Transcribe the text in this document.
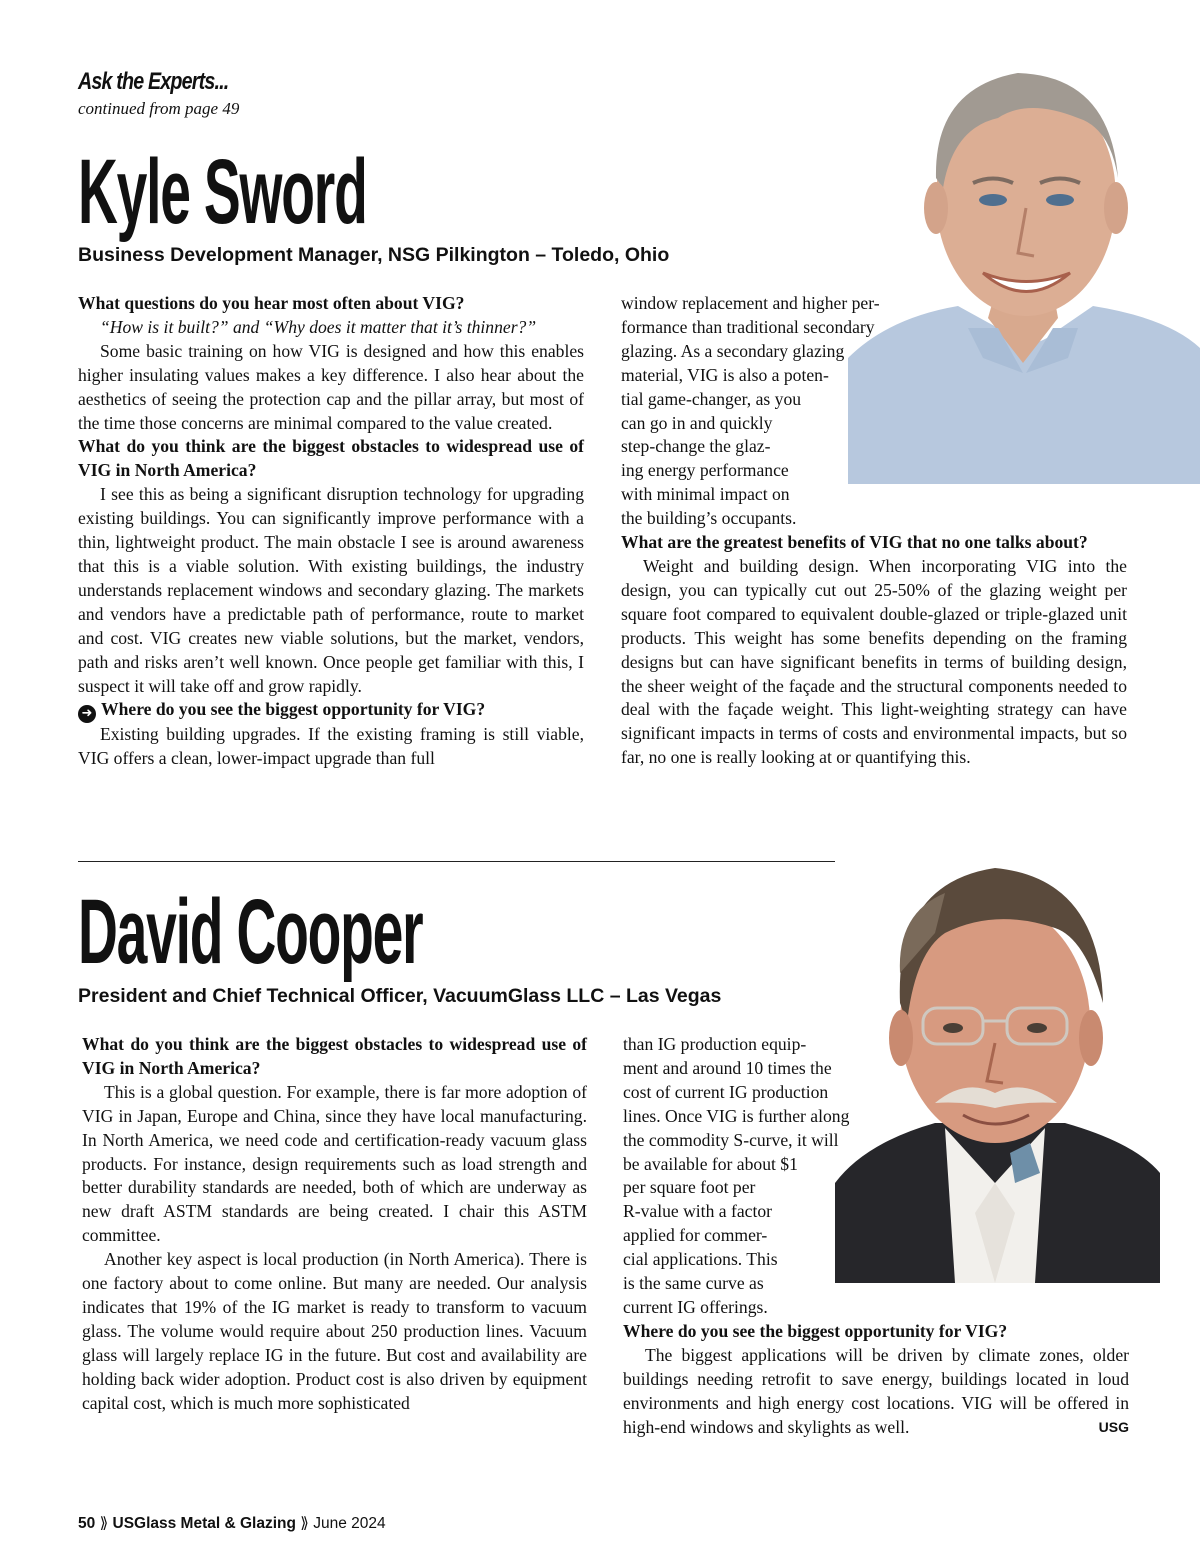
Ask the Experts...
continued from page 49
Kyle Sword
Business Development Manager, NSG Pilkington – Toledo, Ohio

What questions do you hear most often about VIG?

“How is it built?” and “Why does it matter that it’s thinner?”

Some basic training on how VIG is designed and how this enables higher insulating values makes a key difference. I also hear about the aesthetics of seeing the protection cap and the pillar array, but most of the time those concerns are minimal compared to the value created.

What do you think are the biggest obstacles to widespread use of VIG in North America?

I see this as being a significant disruption technology for upgrading existing buildings. You can significantly improve performance with a thin, lightweight product. The main obstacle I see is around awareness that this is a viable solution. With existing buildings, the industry understands replacement windows and secondary glazing. The markets and vendors have a predictable path of performance, route to market and cost. VIG creates new viable solutions, but the market, vendors, path and risks aren’t well known. Once people get familiar with this, I suspect it will take off and grow rapidly.

➜ Where do you see the biggest opportunity for VIG?

Existing building upgrades. If the existing framing is still viable, VIG offers a clean, lower-impact upgrade than full

window replacement and higher per-
formance than traditional secondary
glazing. As a secondary glazing
material, VIG is also a poten-
tial game-changer, as you
can go in and quickly
step-change the glaz-
ing energy performance
with minimal impact on
the building’s occupants.

What are the greatest benefits of VIG that no one talks about?

Weight and building design. When incorporating VIG into the design, you can typically cut out 25-50% of the glazing weight per square foot compared to equivalent double-glazed or triple-glazed unit products. This weight has some benefits depending on the framing designs but can have significant benefits in terms of building design, the sheer weight of the façade and the structural components needed to deal with the façade weight. This light-weighting strategy can have significant impacts in terms of costs and environmental impacts, but so far, no one is really looking at or quantifying this.

David Cooper
President and Chief Technical Officer, VacuumGlass LLC – Las Vegas

What do you think are the biggest obstacles to widespread use of VIG in North America?

This is a global question. For example, there is far more adoption of VIG in Japan, Europe and China, since they have local manufacturing. In North America, we need code and certification-ready vacuum glass products. For instance, design requirements such as load strength and better durability standards are needed, both of which are underway as new draft ASTM standards are being created. I chair this ASTM committee.

Another key aspect is local production (in North America). There is one factory about to come online. But many are needed. Our analysis indicates that 19% of the IG market is ready to transform to vacuum glass. The volume would require about 250 production lines. Vacuum glass will largely replace IG in the future. But cost and availability are holding back wider adoption. Product cost is also driven by equipment capital cost, which is much more sophisticated

than IG production equip-
ment and around 10 times the
cost of current IG production
lines. Once VIG is further along
the commodity S-curve, it will
be available for about $1
per square foot per
R-value with a factor
applied for commer-
cial applications. This
is the same curve as
current IG offerings.

Where do you see the biggest opportunity for VIG?

The biggest applications will be driven by climate zones, older buildings needing retrofit to save energy, buildings located in loud environments and high energy cost locations. VIG will be offered in high-end windows and skylights as well.	USG

50 ⟫ USGlass Metal & Glazing ⟫ June 2024
